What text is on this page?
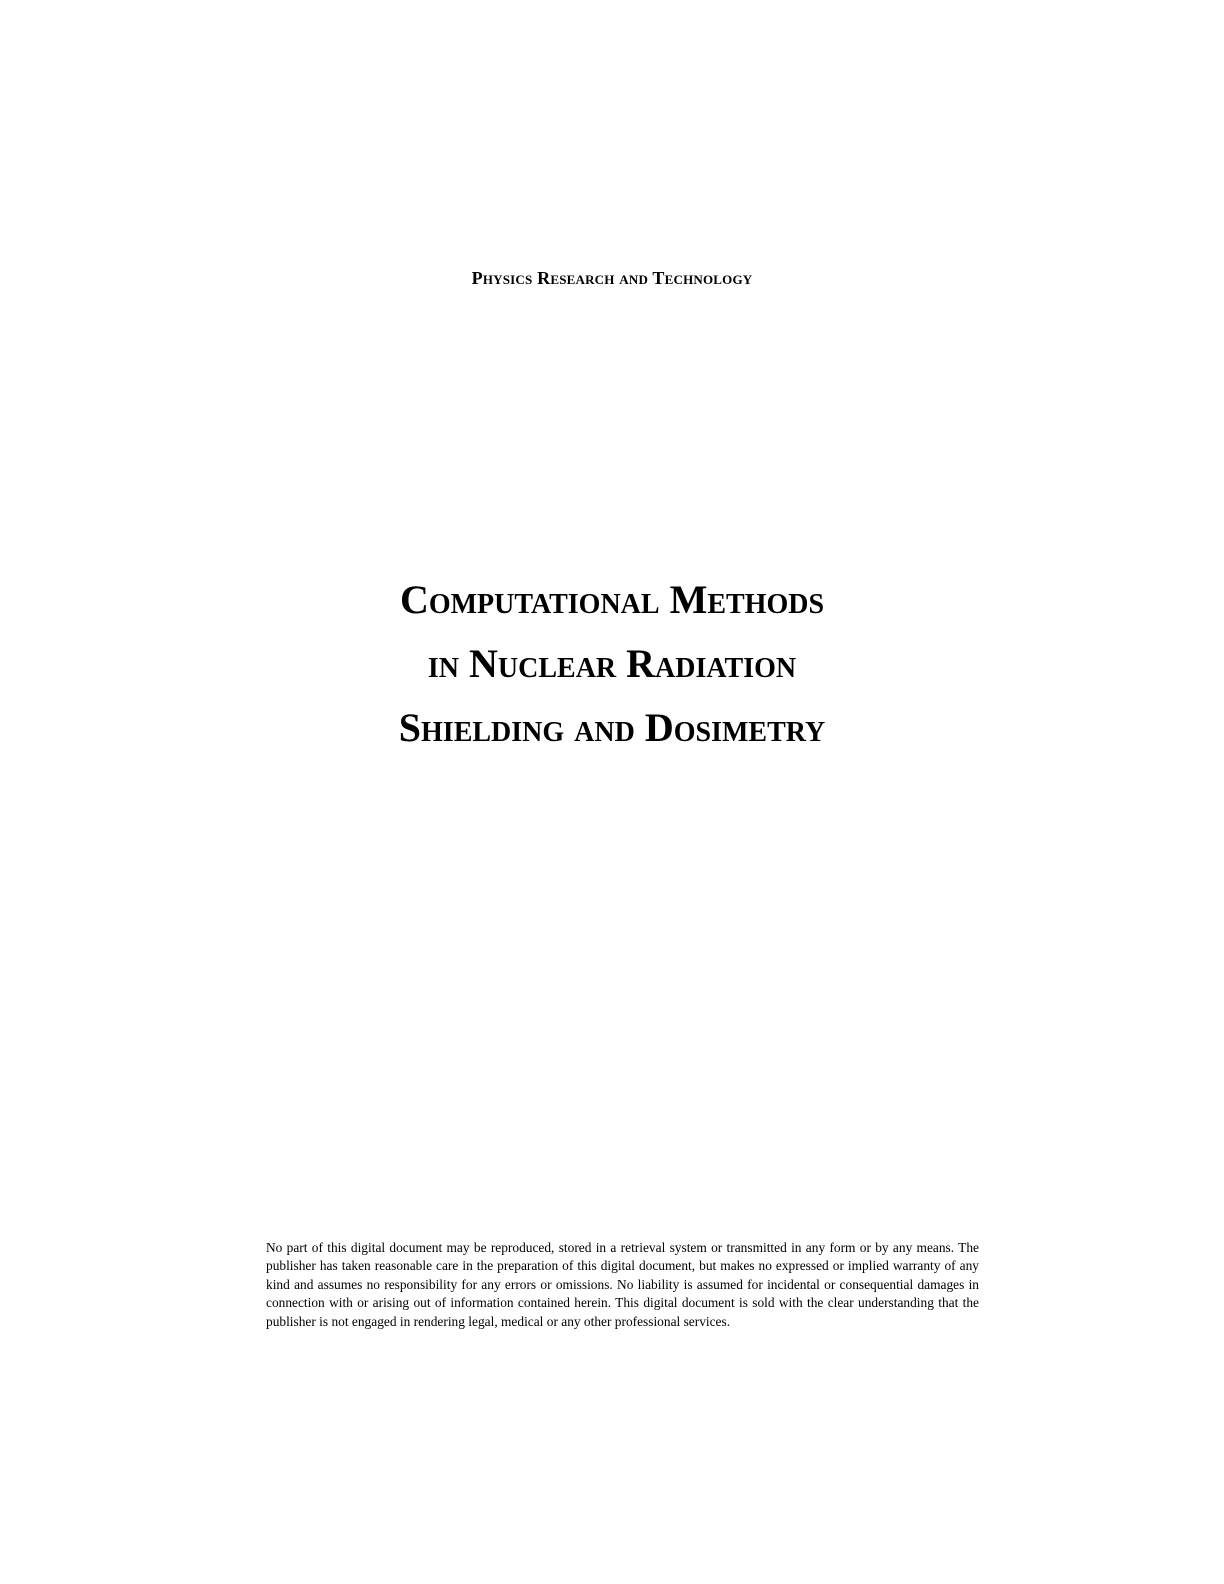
Physics Research and Technology
Computational Methods
in Nuclear Radiation
Shielding and Dosimetry

No part of this digital document may be reproduced, stored in a retrieval system or transmitted in any form or by any means. The publisher has taken reasonable care in the preparation of this digital document, but makes no expressed or implied warranty of any kind and assumes no responsibility for any errors or omissions. No liability is assumed for incidental or consequential damages in connection with or arising out of information contained herein. This digital document is sold with the clear understanding that the publisher is not engaged in rendering legal, medical or any other professional services.
